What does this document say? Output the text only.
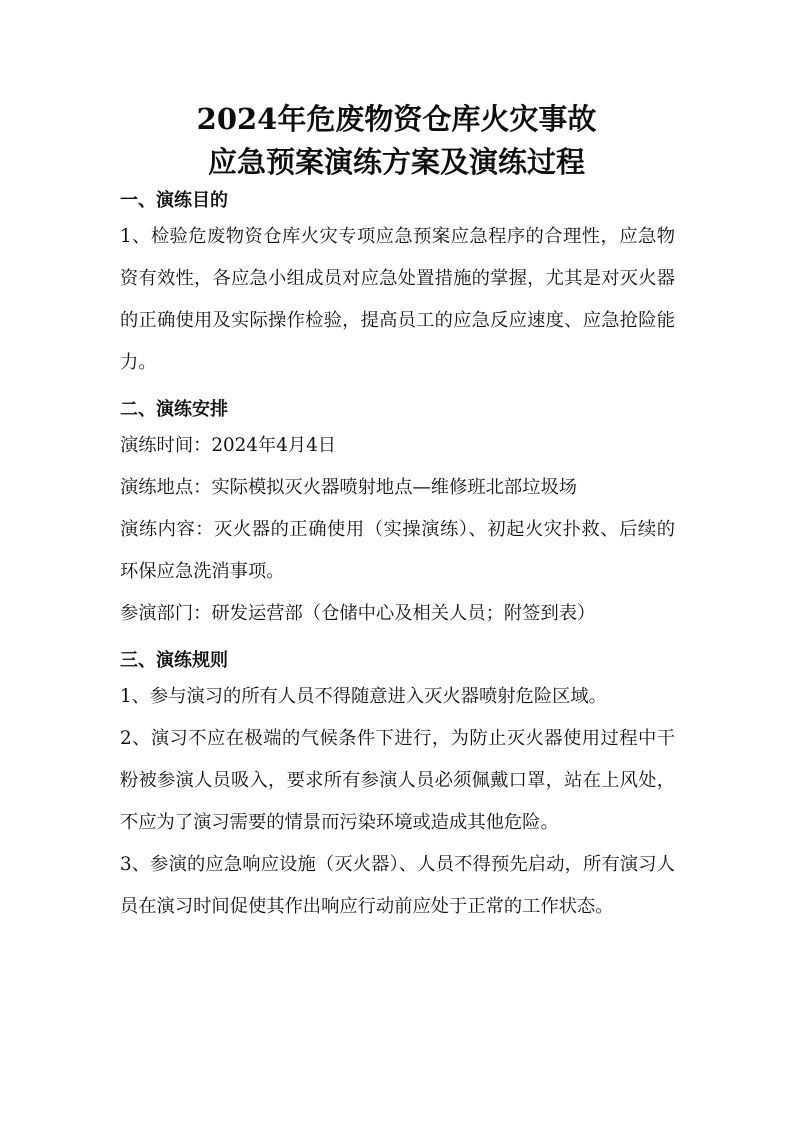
2024年危废物资仓库火灾事故
应急预案演练方案及演练过程
一、演练目的

1、检验危废物资仓库火灾专项应急预案应急程序的合理性，应急物资有效性，各应急小组成员对应急处置措施的掌握，尤其是对灭火器的正确使用及实际操作检验，提高员工的应急反应速度、应急抢险能力。

二、演练安排

演练时间：2024年4月4日

演练地点：实际模拟灭火器喷射地点—维修班北部垃圾场

演练内容：灭火器的正确使用（实操演练）、初起火灾扑救、后续的环保应急洗消事项。

参演部门：研发运营部（仓储中心及相关人员；附签到表）

三、演练规则

1、参与演习的所有人员不得随意进入灭火器喷射危险区域。

2、演习不应在极端的气候条件下进行，为防止灭火器使用过程中干粉被参演人员吸入，要求所有参演人员必须佩戴口罩，站在上风处，不应为了演习需要的情景而污染环境或造成其他危险。

3、参演的应急响应设施（灭火器）、人员不得预先启动，所有演习人员在演习时间促使其作出响应行动前应处于正常的工作状态。
